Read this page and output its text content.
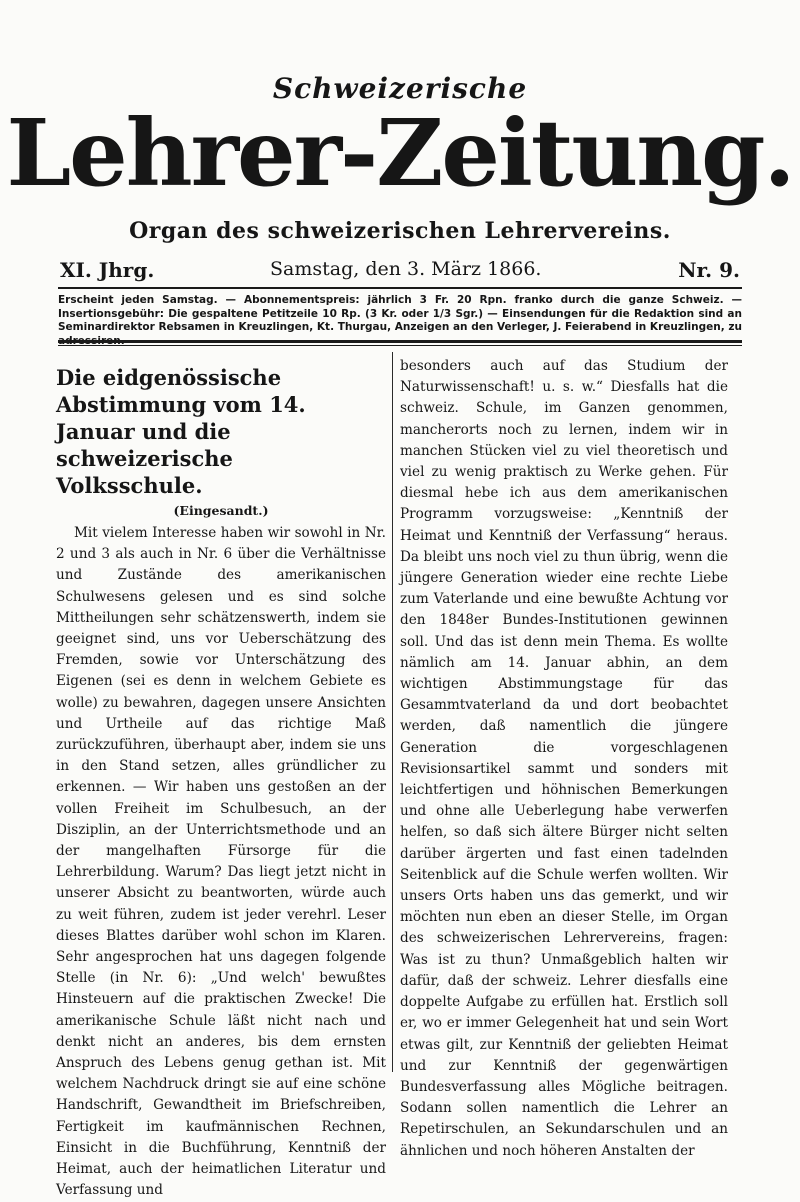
Schweizerische
Lehrer-Zeitung.
Organ des schweizerischen Lehrervereins.
XI. Jhrg.	Samstag, den 3. März 1866.	Nr. 9.
Erscheint jeden Samstag. — Abonnementspreis: jährlich 3 Fr. 20 Rpn. franko durch die ganze Schweiz. — Insertionsgebühr: Die gespaltene Petitzeile 10 Rp. (3 Kr. oder 1/3 Sgr.) — Einsendungen für die Redaktion sind an Seminardirektor Rebsamen in Kreuzlingen, Kt. Thurgau, Anzeigen an den Verleger, J. Feierabend in Kreuzlingen, zu
Die eidgenössische Abstimmung vom 14. Januar und die schweizerische Volksschule.
(Eingesandt.)

Mit vielem Interesse haben wir sowohl in Nr. 2 und 3 als auch in Nr. 6 über die Verhältnisse und Zustände des amerikanischen Schulwesens gelesen und es sind solche Mittheilungen sehr schätzenswerth, indem sie geeignet sind, uns vor Ueberschätzung des Fremden, sowie vor Unterschätzung des Eigenen (sei es denn in welchem Gebiete es wolle) zu bewahren, dagegen unsere Ansichten und Urtheile auf das richtige Maß zurückzuführen, überhaupt aber, indem sie uns in den Stand setzen, alles gründlicher zu erkennen. — Wir haben uns gestoßen an der vollen Freiheit im Schulbesuch, an der Disziplin, an der Unterrichtsmethode und an der mangelhaften Fürsorge für die Lehrerbildung. Warum? Das liegt jetzt nicht in unserer Absicht zu beantworten, würde auch zu weit führen, zudem ist jeder verehrl. Leser dieses Blattes darüber wohl schon im Klaren. Sehr angesprochen hat uns dagegen folgende Stelle (in Nr. 6): „Und welch' bewußtes Hinsteuern auf die praktischen Zwecke! Die amerikanische Schule läßt nicht nach und denkt nicht an anderes, bis dem ernsten Anspruch des Lebens genug gethan ist. Mit welchem Nachdruck dringt sie auf eine schöne Handschrift, Gewandtheit im Briefschreiben, Fertigkeit im kaufmännischen Rechnen, Einsicht in die Buchführung, Kenntniß der Heimat, auch der heimatlichen Literatur und Verfassung und

besonders auch auf das Studium der Naturwissenschaft! u. s. w.“ Diesfalls hat die schweiz. Schule, im Ganzen genommen, mancherorts noch zu lernen, indem wir in manchen Stücken viel zu viel theoretisch und viel zu wenig praktisch zu Werke gehen. Für diesmal hebe ich aus dem amerikanischen Programm vorzugsweise: „Kenntniß der Heimat und Kenntniß der Verfassung“ heraus. Da bleibt uns noch viel zu thun übrig, wenn die jüngere Generation wieder eine rechte Liebe zum Vaterlande und eine bewußte Achtung vor den 1848er Bundes-Institutionen gewinnen soll. Und das ist denn mein Thema. Es wollte nämlich am 14. Januar abhin, an dem wichtigen Abstimmungstage für das Gesammtvaterland da und dort beobachtet werden, daß namentlich die jüngere Generation die vorgeschlagenen Revisionsartikel sammt und sonders mit leichtfertigen und höhnischen Bemerkungen und ohne alle Ueberlegung habe verwerfen helfen, so daß sich ältere Bürger nicht selten darüber ärgerten und fast einen tadelnden Seitenblick auf die Schule werfen wollten. Wir unsers Orts haben uns das gemerkt, und wir möchten nun eben an dieser Stelle, im Organ des schweizerischen Lehrervereins, fragen: Was ist zu thun? Unmaßgeblich halten wir dafür, daß der schweiz. Lehrer diesfalls eine doppelte Aufgabe zu erfüllen hat. Erstlich soll er, wo er immer Gelegenheit hat und sein Wort etwas gilt, zur Kenntniß der geliebten Heimat und zur Kenntniß der gegenwärtigen Bundesverfassung alles Mögliche beitragen. Sodann sollen namentlich die Lehrer an Repetirschulen, an Sekundarschulen und an ähnlichen und noch höheren Anstalten der
